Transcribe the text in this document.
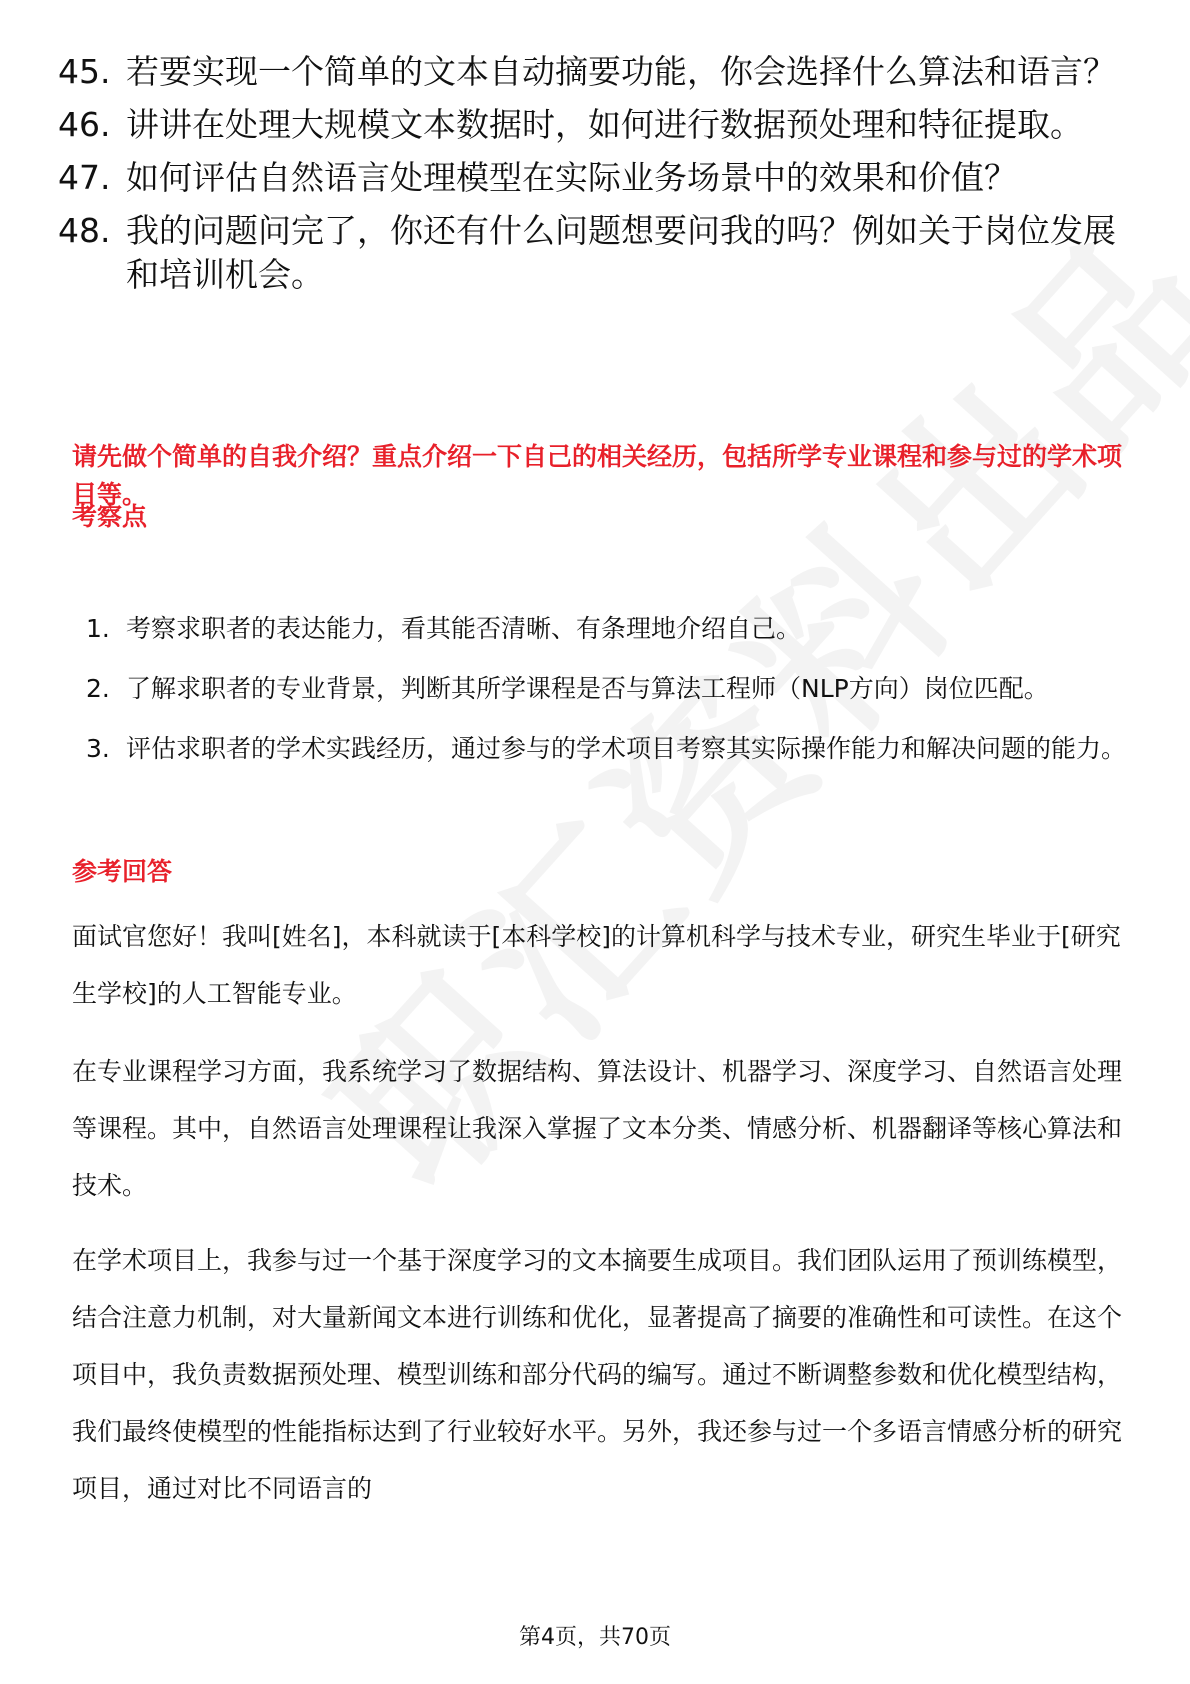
45. 若要实现一个简单的文本自动摘要功能，你会选择什么算法和语言？
46. 讲讲在处理大规模文本数据时，如何进行数据预处理和特征提取。
47. 如何评估自然语言处理模型在实际业务场景中的效果和价值？
48. 我的问题问完了，你还有什么问题想要问我的吗？例如关于岗位发展和培训机会。
请先做个简单的自我介绍？重点介绍一下自己的相关经历，包括所学专业课程和参与过的学术项目等。
考察点
1. 考察求职者的表达能力，看其能否清晰、有条理地介绍自己。
2. 了解求职者的专业背景，判断其所学课程是否与算法工程师（NLP方向）岗位匹配。
3. 评估求职者的学术实践经历，通过参与的学术项目考察其实际操作能力和解决问题的能力。
参考回答

面试官您好！我叫[姓名]，本科就读于[本科学校]的计算机科学与技术专业，研究生毕业于[研究生学校]的人工智能专业。

在专业课程学习方面，我系统学习了数据结构、算法设计、机器学习、深度学习、自然语言处理等课程。其中，自然语言处理课程让我深入掌握了文本分类、情感分析、机器翻译等核心算法和技术。

在学术项目上，我参与过一个基于深度学习的文本摘要生成项目。我们团队运用了预训练模型，结合注意力机制，对大量新闻文本进行训练和优化，显著提高了摘要的准确性和可读性。在这个项目中，我负责数据预处理、模型训练和部分代码的编写。通过不断调整参数和优化模型结构，我们最终使模型的性能指标达到了行业较好水平。另外，我还参与过一个多语言情感分析的研究项目，通过对比不同语言的

第4页，共70页
